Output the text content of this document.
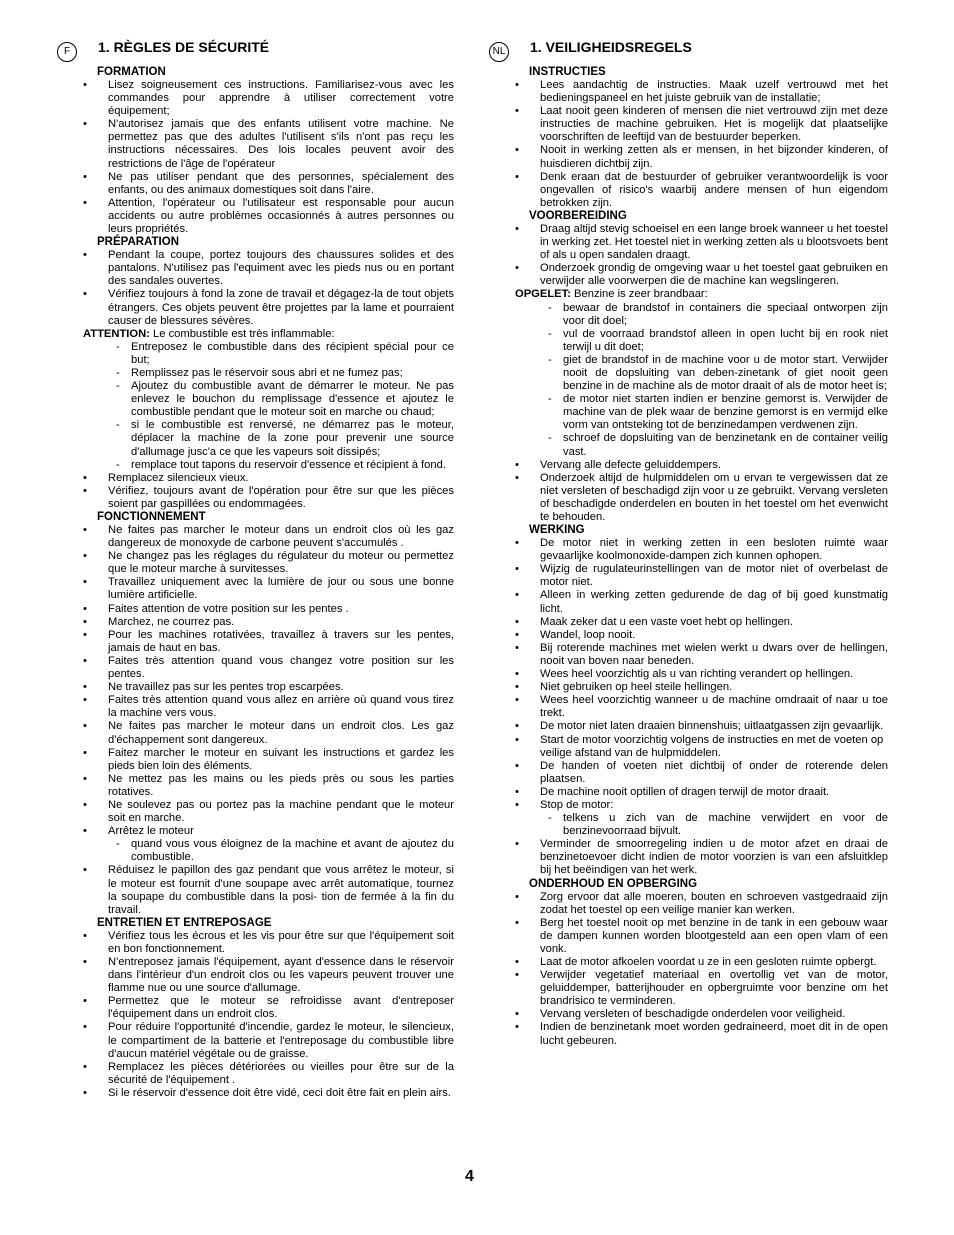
F	1. RÈGLES DE SÉCURITÉ
FORMATION
• Lisez soigneusement ces instructions. Familiarisez-vous avec les commandes pour apprendre à utiliser correctement votre équipement;
• N'autorisez jamais que des enfants utilisent votre machine. Ne permettez pas que des adultes l'utilisent s'ils n'ont pas reçu les instructions nécessaires. Des lois locales peuvent avoir des restrictions de l'âge de l'opérateur
• Ne pas utiliser pendant que des personnes, spécialement des enfants, ou des animaux domestiques soit dans l'aire.
• Attention, l'opérateur ou l'utilisateur est responsable pour aucun accidents ou autre problèmes occasionnés à autres personnes ou leurs propriétés.
PRÉPARATION
• Pendant la coupe, portez toujours des chaussures solides et des pantalons. N'utilisez pas l'equiment avec les pieds nus ou en portant des sandales ouvertes.
• Vérifiez toujours à fond la zone de travail et dégagez-la de tout objets étrangers. Ces objets peuvent être projettes par la lame et pourraient causer de blessures sévères.
ATTENTION: Le combustible est très inflammable:
- Entreposez le combustible dans des récipient spécial pour ce but;
- Remplissez pas le réservoir sous abri et ne fumez pas;
- Ajoutez du combustible avant de démarrer le moteur. Ne pas enlevez le bouchon du remplissage d'essence et ajoutez le combustible pendant que le moteur soit en marche ou chaud;
- si le combustible est renversé, ne démarrez pas le moteur, déplacer la machine de la zone pour prevenir une source d'allumage jusc'a ce que les vapeurs soit dissipés;
- remplace tout tapons du reservoir d'essence et récipient à fond.
• Remplacez silencieux vieux.
• Vérifiez, toujours avant de l'opération pour être sur que les pièces soient par gaspillées ou endommagées.
FONCTIONNEMENT
• Ne faites pas marcher le moteur dans un endroit clos où les gaz dangereux de monoxyde de carbone peuvent s'accumulés .
• Ne changez pas les réglages du régulateur du moteur ou permettez que le moteur marche à survitesses.
• Travaillez uniquement avec la lumière de jour ou sous une bonne lumière artificielle.
• Faites attention de votre position sur les pentes .
• Marchez, ne courrez pas.
• Pour les machines rotativées, travaillez à travers sur les pentes, jamais de haut en bas.
• Faites très attention quand vous changez votre position sur les pentes.
• Ne travaillez pas sur les pentes trop escarpées.
• Faites très attention quand vous allez en arrière où quand vous tirez la machine vers vous.
• Ne faites pas marcher le moteur dans un endroit clos. Les gaz d'échappement sont dangereux.
• Faitez marcher le moteur en suivant les instructions et gardez les pieds bien loin des éléments.
• Ne mettez pas les mains ou les pieds près ou sous les parties rotatives.
• Ne soulevez pas ou portez pas la machine pendant que le moteur soit en marche.
• Arrêtez le moteur
- quand vous vous éloignez de la machine et avant de ajoutez du combustible.
• Réduisez le papillon des gaz pendant que vous arrêtez le moteur, si le moteur est fournit d'une soupape avec arrêt automatique, tournez la soupape du combustible dans la posi- tion de fermée à la fin du travail.
ENTRETIEN ET ENTREPOSAGE
• Vérifiez tous les écrous et les vis pour être sur que l'équipement soit en bon fonctionnement.
• N'entreposez jamais l'équipement, ayant d'essence dans le réservoir dans l'intérieur d'un endroit clos ou les vapeurs peuvent trouver une flamme nue ou une source d'allumage.
• Permettez que le moteur se refroidisse avant d'entreposer l'équipement dans un endroit clos.
• Pour réduire l'opportunité d'incendie, gardez le moteur, le silencieux, le compartiment de la batterie et l'entreposage du combustible libre d'aucun matériel végétale ou de graisse.
• Remplacez les pièces détériorées ou vieilles pour être sur de la sécurité de l'équipement .
• Si le réservoir d'essence doit être vidé, ceci doit être fait en plein airs.
NL 1. VEILIGHEIDSREGELS
INSTRUCTIES
• Lees aandachtig de instructies. Maak uzelf vertrouwd met het bedieningspaneel en het juiste gebruik van de installatie;
• Laat nooit geen kinderen of mensen die niet vertrouwd zijn met deze instructies de machine gebruiken. Het is mogelijk dat plaatselijke voorschriften de leeftijd van de bestuurder beperken.
• Nooit in werking zetten als er mensen, in het bijzonder kinderen, of huisdieren dichtbij zijn.
• Denk eraan dat de bestuurder of gebruiker verantwoordelijk is voor ongevallen of risico's waarbij andere mensen of hun eigendom betrokken zijn.
VOORBEREIDING
• Draag altijd stevig schoeisel en een lange broek wanneer u het toestel in werking zet. Het toestel niet in werking zetten als u blootsvoets bent of als u open sandalen draagt.
• Onderzoek grondig de omgeving waar u het toestel gaat gebruiken en verwijder alle voorwerpen die de machine kan wegslingeren.
OPGELET: Benzine is zeer brandbaar:
- bewaar de brandstof in containers die speciaal ontworpen zijn voor dit doel;
- vul de voorraad brandstof alleen in open lucht bij en rook niet terwijl u dit doet;
- giet de brandstof in de machine voor u de motor start. Verwijder nooit de dopsluiting van deben-zinetank of giet nooit geen benzine in de machine als de motor draait of als de motor heet is;
- de motor niet starten indien er benzine gemorst is. Verwijder de machine van de plek waar de benzine gemorst is en vermijd elke vorm van ontsteking tot de benzinedampen verdwenen zijn.
- schroef de dopsluiting van de benzinetank en de container veilig vast.
• Vervang alle defecte geluiddempers.
• Onderzoek altijd de hulpmiddelen om u ervan te vergewissen dat ze niet versleten of beschadigd zijn voor u ze gebruikt. Vervang versleten of beschadigde onderdelen en bouten in het toestel om het evenwicht te behouden.
WERKING
• De motor niet in werking zetten in een besloten ruimte waar gevaarlijke koolmonoxide-dampen zich kunnen ophopen.
• Wijzig de rugulateurinstellingen van de motor niet of overbelast de motor niet.
• Alleen in werking zetten gedurende de dag of bij goed kunstmatig licht.
• Maak zeker dat u een vaste voet hebt op hellingen.
• Wandel, loop nooit.
• Bij roterende machines met wielen werkt u dwars over de hellingen, nooit van boven naar beneden.
• Wees heel voorzichtig als u van richting verandert op hellingen.
• Niet gebruiken op heel steile hellingen.
• Wees heel voorzichtig wanneer u de machine omdraait of naar u toe trekt.
• De motor niet laten draaien binnenshuis; uitlaatgassen zijn gevaarlijk.
• Start de motor voorzichtig volgens de instructies en met de voeten op
veilige afstand van de hulpmiddelen.
• De handen of voeten niet dichtbij of onder de roterende delen plaatsen.
• De machine nooit optillen of dragen terwijl de motor draait.
• Stop de motor:
- telkens u zich van de machine verwijdert en voor de benzinevoorraad bijvult.
• Verminder de smoorregeling indien u de motor afzet en draai de benzinetoevoer dicht indien de motor voorzien is van een afsluitklep bij het beëindigen van het werk.
ONDERHOUD EN OPBERGING
• Zorg ervoor dat alle moeren, bouten en schroeven vastgedraaid zijn zodat het toestel op een veilige manier kan werken.
• Berg het toestel nooit op met benzine in de tank in een gebouw waar de dampen kunnen worden blootgesteld aan een open vlam of een vonk.
• Laat de motor afkoelen voordat u ze in een gesloten ruimte opbergt.
• Verwijder vegetatief materiaal en overtollig vet van de motor, geluiddemper, batterijhouder en opbergruimte voor benzine om het brandrisico te verminderen.
• Vervang versleten of beschadigde onderdelen voor veiligheid.
• Indien de benzinetank moet worden gedraineerd, moet dit in de open lucht gebeuren.
4
